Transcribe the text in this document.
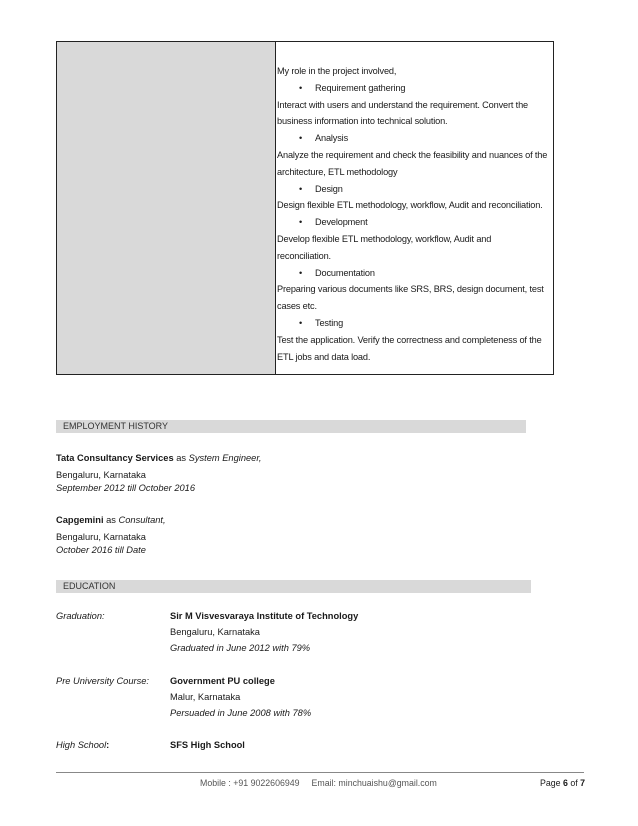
My role in the project involved,
• Requirement gathering
Interact with users and understand the requirement. Convert the
business information into technical solution.
• Analysis
Analyze the requirement and check the feasibility and nuances of the
architecture, ETL methodology
• Design
Design flexible ETL methodology, workflow, Audit and reconciliation.
• Development
Develop flexible ETL methodology, workflow, Audit and
reconciliation.
• Documentation
Preparing various documents like SRS, BRS, design document, test
cases etc.
• Testing
Test the application. Verify the correctness and completeness of the
ETL jobs and data load.
EMPLOYMENT HISTORY
Tata Consultancy Services as System Engineer,
Bengaluru, Karnataka
September 2012 till October 2016
Capgemini as Consultant,
Bengaluru, Karnataka
October 2016 till Date
EDUCATION
Graduation:	Sir M Visvesvaraya Institute of Technology
Bengaluru, Karnataka
Graduated in June 2012 with 79%
Pre University Course: Government PU college
Malur, Karnataka
Persuaded in June 2008 with 78%
High School:	SFS High School
Mobile : +91 9022606949 Email: minchuaishu@gmail.com	Page 6 of 7
